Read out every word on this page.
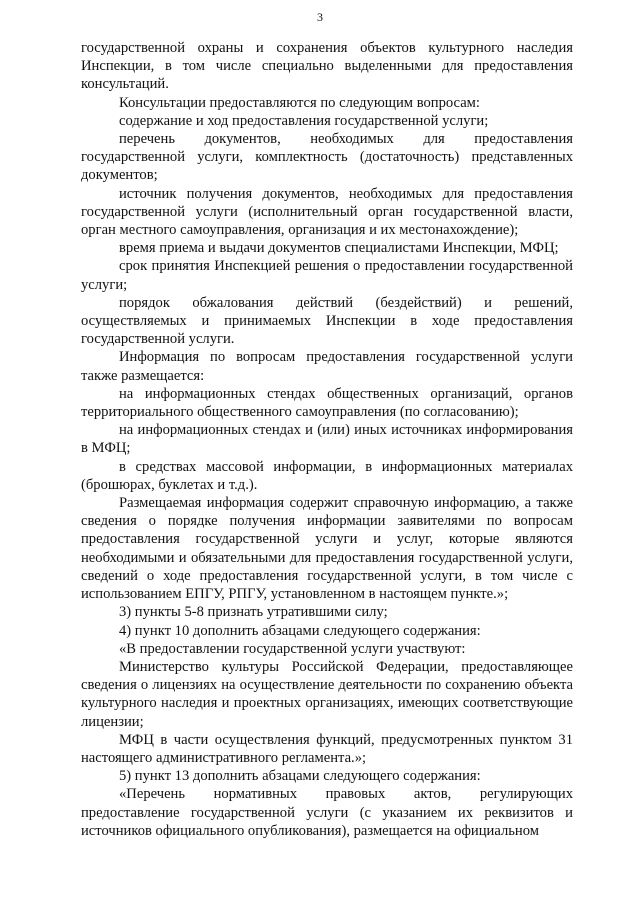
3

государственной охраны и сохранения объектов культурного наследия Инспекции, в том числе специально выделенными для предоставления консультаций.

Консультации предоставляются по следующим вопросам:

содержание и ход предоставления государственной услуги;

перечень документов, необходимых для предоставления государственной услуги, комплектность (достаточность) представленных документов;

источник получения документов, необходимых для предоставления государственной услуги (исполнительный орган государственной власти, орган местного самоуправления, организация и их местонахождение);

время приема и выдачи документов специалистами Инспекции, МФЦ;

срок принятия Инспекцией решения о предоставлении государственной услуги;

порядок обжалования действий (бездействий) и решений, осуществляемых и принимаемых Инспекции в ходе предоставления государственной услуги.

Информация по вопросам предоставления государственной услуги также размещается:

на информационных стендах общественных организаций, органов территориального общественного самоуправления (по согласованию);

на информационных стендах и (или) иных источниках информирования в МФЦ;

в средствах массовой информации, в информационных материалах (брошюрах, буклетах и т.д.).

Размещаемая информация содержит справочную информацию, а также сведения о порядке получения информации заявителями по вопросам предоставления государственной услуги и услуг, которые являются необходимыми и обязательными для предоставления государственной услуги, сведений о ходе предоставления государственной услуги, в том числе с использованием ЕПГУ, РПГУ, установленном в настоящем пункте.»;

3) пункты 5-8 признать утратившими силу;

4) пункт 10 дополнить абзацами следующего содержания:

«В предоставлении государственной услуги участвуют:

Министерство культуры Российской Федерации, предоставляющее сведения о лицензиях на осуществление деятельности по сохранению объекта культурного наследия и проектных организациях, имеющих соответствующие лицензии;

МФЦ в части осуществления функций, предусмотренных пунктом 31 настоящего административного регламента.»;

5) пункт 13 дополнить абзацами следующего содержания:

«Перечень нормативных правовых актов, регулирующих предоставление государственной услуги (с указанием их реквизитов и источников официального опубликования), размещается на официальном
